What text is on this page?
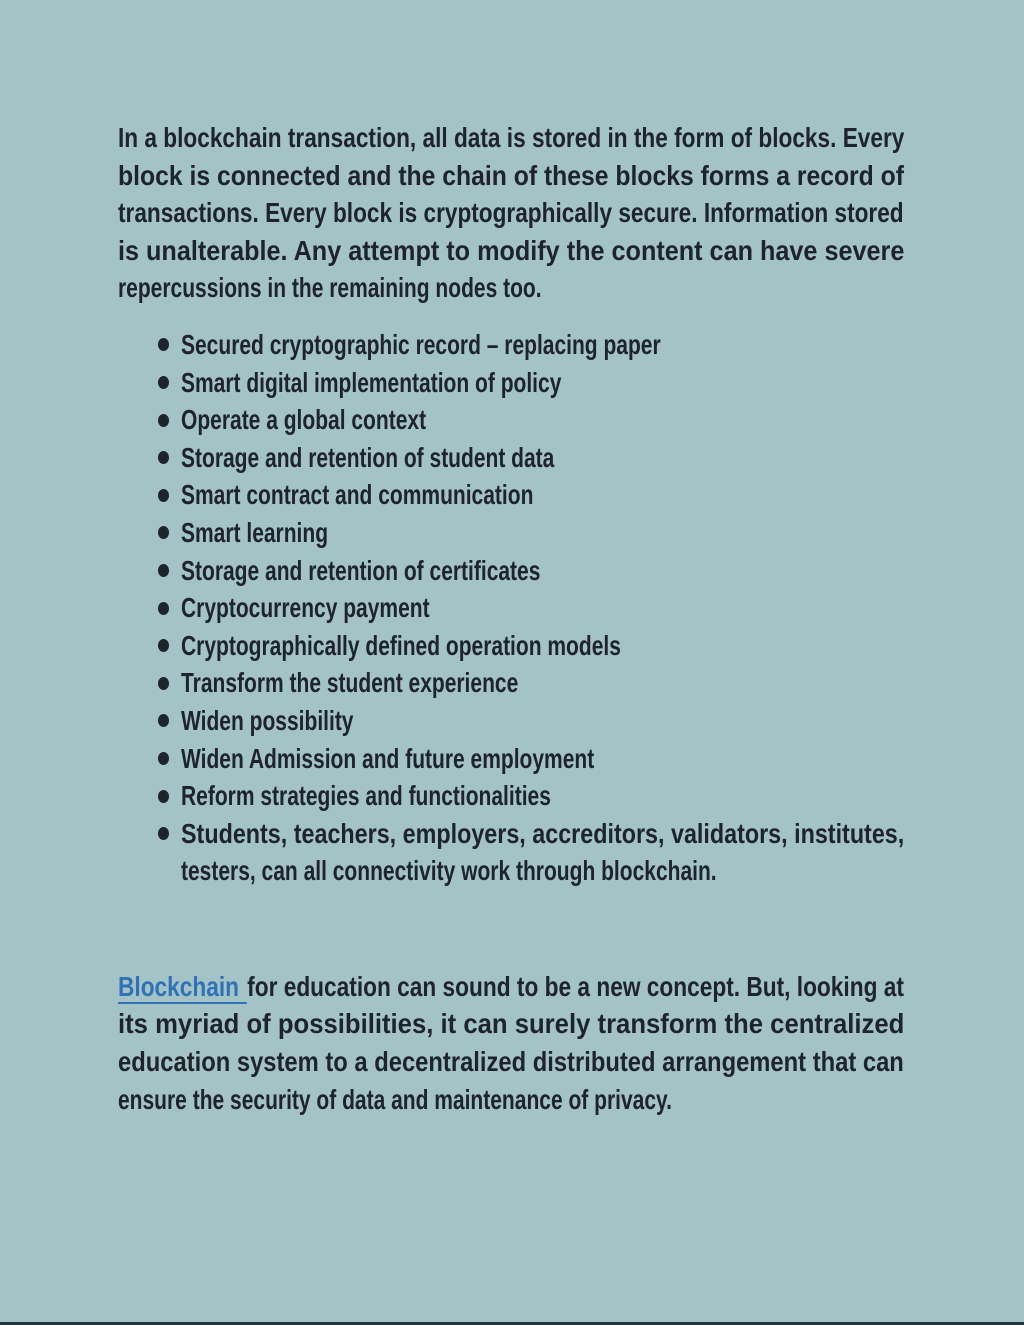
In a blockchain transaction, all data is stored in the form of blocks. Every
block is connected and the chain of these blocks forms a record of
transactions. Every block is cryptographically secure. Information stored
is unalterable. Any attempt to modify the content can have severe
repercussions in the remaining nodes too.
Secured cryptographic record – replacing paper
Smart digital implementation of policy
Operate a global context
Storage and retention of student data
Smart contract and communication
Smart learning
Storage and retention of certificates
Cryptocurrency payment
Cryptographically defined operation models
Transform the student experience
Widen possibility
Widen Admission and future employment
Reform strategies and functionalities
Students, teachers, employers, accreditors, validators, institutes,
testers, can all connectivity work through blockchain.
Blockchain for education can sound to be a new concept. But, looking at
its myriad of possibilities, it can surely transform the centralized
education system to a decentralized distributed arrangement that can
ensure the security of data and maintenance of privacy.
